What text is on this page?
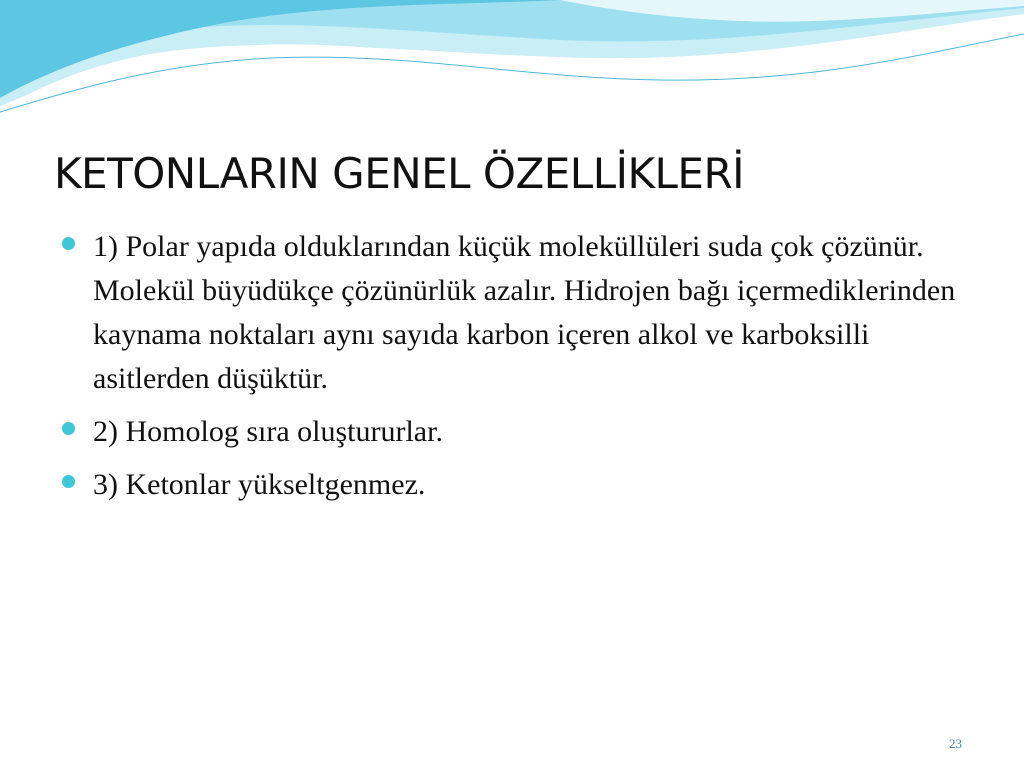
KETONLARIN GENEL ÖZELLİKLERİ
1) Polar yapıda olduklarından küçük moleküllüleri suda çok çözünür. Molekül büyüdükçe çözünürlük azalır. Hidrojen bağı içermediklerinden kaynama noktaları aynı sayıda karbon içeren alkol ve karboksilli asitlerden düşüktür.
2) Homolog sıra oluştururlar.
3) Ketonlar yükseltgenmez.
23
